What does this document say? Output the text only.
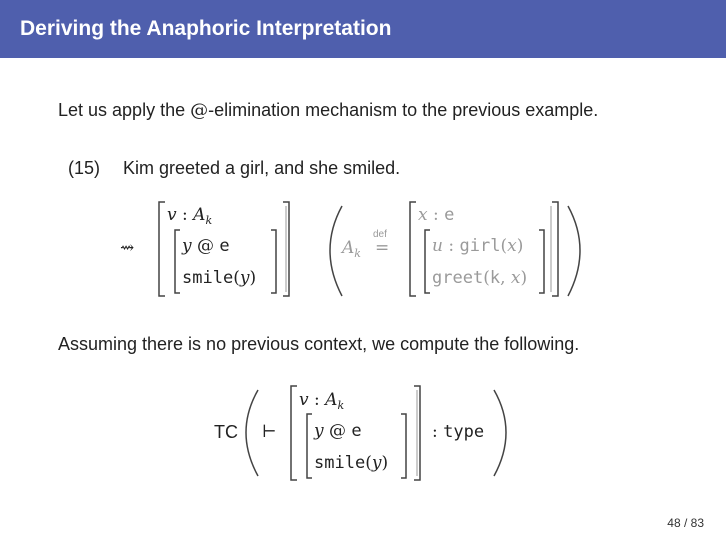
Deriving the Anaphoric Interpretation
Let us apply the @-elimination mechanism to the previous example.
(15) Kim greeted a girl, and she smiled.
⇝
v : $A_k$
y @ e
smile(y)
$A_k$
def
=
x : e
u : girl(x)
greet(k, x)
Assuming there is no previous context, we compute the following.
TC ⊢
v : $A_k$
y @ e
smile(y)
: type
48 / 83
